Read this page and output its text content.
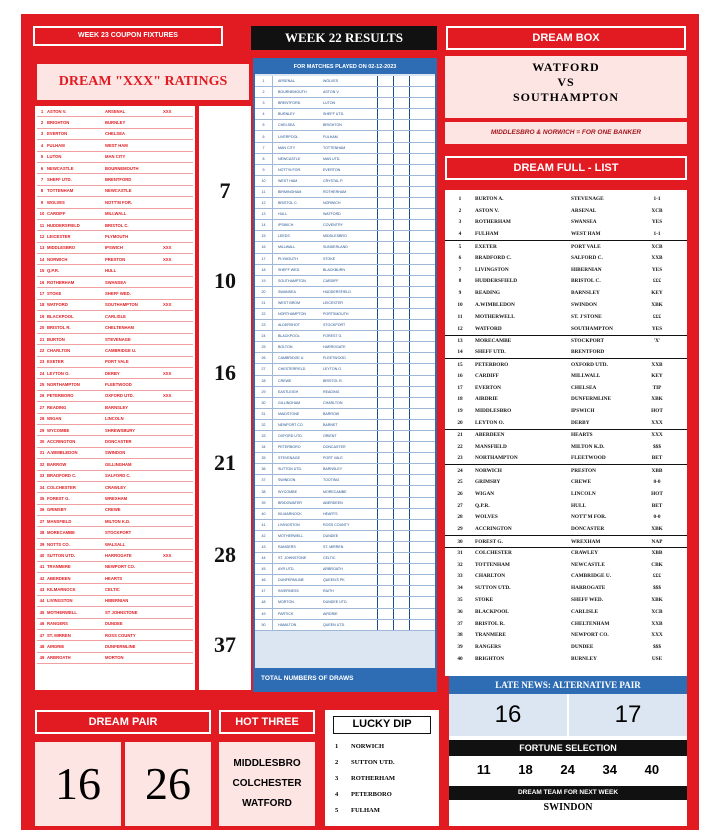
WEEK 23 COUPON FIXTURES	WEEK 22 RESULTS	DREAM BOX
DREAM "XXX" RATINGS
1 ASTON V.	ARSENAL	XXX
2 BRIGHTON	BURNLEY
3 EVERTON	CHELSEA
4 FULHAM	WEST HAM
5 LUTON	MAN CITY
6 NEWCASTLE	BOURNEMOUTH
7 SHEFF UTD.	BRENTFORD
8 TOTTENHAM	NEWCASTLE
9 WOLVES	NOTT'M FOR.
10 CARDIFF	MILLWALL
11 HUDDERSFIELD	BRISTOL C.
12 LEICESTER	PLYMOUTH
13 MIDDLESBRO	IPSWICH	XXX
14 NORWICH	PRESTON	XXX
15 Q.P.R.	HULL
16 ROTHERHAM	SWANSEA
17 STOKE	SHEFF WED.
18 WATFORD	SOUTHAMPTON	XXX
19 BLACKPOOL	CARLISLE
20 BRISTOL R.	CHELTENHAM
21 BURTON	STEVENAGE
22 CHARLTON	CAMBRIDGE U.
23 EXETER	PORT VALE
24 LEYTON O.	DERBY	XXX
25 NORTHAMPTON	FLEETWOOD
26 PETERBORO	OXFORD UTD.	XXX
27 READING	BARNSLEY
28 WIGAN	LINCOLN
29 WYCOMBE	SHREWSBURY
30 ACCRINGTON	DONCASTER
31 A.WIMBLEDON	SWINDON
32 BARROW	GILLINGHAM
33 BRADFORD C.	SALFORD C.
34 COLCHESTER	CRAWLEY
35 FOREST G.	WREXHAM
36 GRIMSBY	CREWE
37 MANSFIELD	MILTON K.D.
38 MORECAMBE	STOCKPORT
39 NOTTS CO.	WALSALL
40 SUTTON UTD.	HARROGATE	XXX
41 TRANMERE	NEWPORT CO.
42 ABERDEEN	HEARTS
43 KILMARNOCK	CELTIC
44 LIVINGSTON	HIBERNIAN
45 MOTHERWELL	ST JOHNSTONE
46 RANGERS	DUNDEE
47 ST. MIRREN	ROSS COUNTY
48 AIRDRIE	DUNFERMLINE
49 ARBROATH	MORTON
7
10
16
21
28
37
FOR MATCHES PLAYED ON 02-12-2023
1	ARSENAL	WOLVES
2	BOURNEMOUTH	ASTON V.
3	BRENTFORD	LUTON
4	BURNLEY	SHEFF UTD.
5	CHELSEA	BRIGHTON
6	LIVERPOOL	FULHAM
7	MAN CITY	TOTTENHAM
8	NEWCASTLE	MAN UTD.
9	NOTT'M FOR.	EVERTON
10	WEST HAM	CRYSTAL P.
11	BIRMINGHAM	ROTHERHAM
12	BRISTOL C.	NORWICH
13	HULL	WATFORD
14	IPSWICH	COVENTRY
15	LEEDS	MIDDLESBRO
16	MILLWALL	SUNDERLAND
17	PLYMOUTH	STOKE
18	SHEFF WED.	BLACKBURN
19	SOUTHAMPTON	CARDIFF
20	SWANSEA	HUDDERSFIELD
21	WEST BROM	LEICESTER
22	NORTHAMPTON	PORTSMOUTH
23	ALDERSHOT	STOCKPORT
24	BLACKPOOL	FOREST G.
25	BOLTON	HARROGATE
26	CAMBRIDGE U.	FLEETWOOD
27	CHESTERFIELD	LEYTON O.
28	CREWE	BRISTOL R.
29	EASTLEIGH	READING
30	GILLINGHAM	CHARLTON
31	MAIDSTONE	BARROW
32	NEWPORT CO.	BARNET
33	OXFORD UTD.	ORIENT
34	PETERBORO	DONCASTER
35	STEVENAGE	PORT VALE
36	SUTTON UTD.	BARNSLEY
37	SWINDON	TOOTING
38	WYCOMBE	MORECAMBE
39	BRIDGWATER	ABERDEEN
40	KILMARNOCK	HEARTS
41	LIVINGSTON	ROSS COUNTY
42	MOTHERWELL	DUNDEE
43	RANGERS	ST. MIRREN
44	ST. JOHNSTONE	CELTIC
45	AYR UTD.	ARBROATH
46	DUNFERMLINE	QUEEN'S PK
47	INVERNESS	RAITH
48	MORTON	DUNDEE UTD.
49	PARTICK	AIRDRIE
50	HAMILTON	QUEEN UTD.
TOTAL NUMBERS OF DRAWS
WATFORD
VS
SOUTHAMPTON
MIDDLESBRO & NORWICH = FOR ONE BANKER
DREAM FULL - LIST
1	BURTON A.	STEVENAGE	1-1
2	ASTON V.	ARSENAL	XCB
3	ROTHERHAM	SWANSEA	YES
4	FULHAM	WEST HAM	1-1
5	EXETER	PORT VALE	XCB
6	BRADFORD C.	SALFORD C.	XXB
7	LIVINGSTON	HIBERNIAN	YES
8	HUDDERSFIELD	BRISTOL C.	£££
9	READING	BARNSLEY	KEY
10	A.WIMBLEDON	SWINDON	XBK
11	MOTHERWELL	ST. J'STONE	£££
12	WATFORD	SOUTHAMPTON	YES
13	MORECAMBE	STOCKPORT	'X'
14	SHEFF UTD.	BRENTFORD
15	PETERBORO	OXFORD UTD.	XXB
16	CARDIFF	MILLWALL	KEY
17	EVERTON	CHELSEA	TIP
18	AIRDRIE	DUNFERMLINE	XBK
19	MIDDLESBRO	IPSWICH	HOT
20	LEYTON O.	DERBY	XXX
21	ABERDEEN	HEARTS	XXX
22	MANSFIELD	MILTON K.D.	$$$
23	NORTHAMPTON	FLEETWOOD	BET
24	NORWICH	PRESTON	XBB
25	GRIMSBY	CREWE	0-0
26	WIGAN	LINCOLN	HOT
27	Q.P.R.	HULL	BET
28	WOLVES	NOTT'M FOR.	0-0
29	ACCRINGTON	DONCASTER	XBK
30	FOREST G.	WREXHAM	NAP
31	COLCHESTER	CRAWLEY	XBB
32	TOTTENHAM	NEWCASTLE	CBK
33	CHARLTON	CAMBRIDGE U.	£££
34	SUTTON UTD.	HARROGATE	$$$
35	STOKE	SHEFF WED.	XBK
36	BLACKPOOL	CARLISLE	XCB
37	BRISTOL R.	CHELTENHAM	XXB
38	TRANMERE	NEWPORT CO.	XXX
39	RANGERS	DUNDEE	$$$
40	BRIGHTON	BURNLEY	USE
LATE NEWS: ALTERNATIVE PAIR
16	17
FORTUNE SELECTION
11 18 24 34 40
DREAM TEAM FOR NEXT WEEK
SWINDON
DREAM PAIR
16 26
HOT THREE
MIDDLESBRO
COLCHESTER
WATFORD
LUCKY DIP
1	NORWICH
2	SUTTON UTD.
3	ROTHERHAM
4	PETERBORO
5	FULHAM
